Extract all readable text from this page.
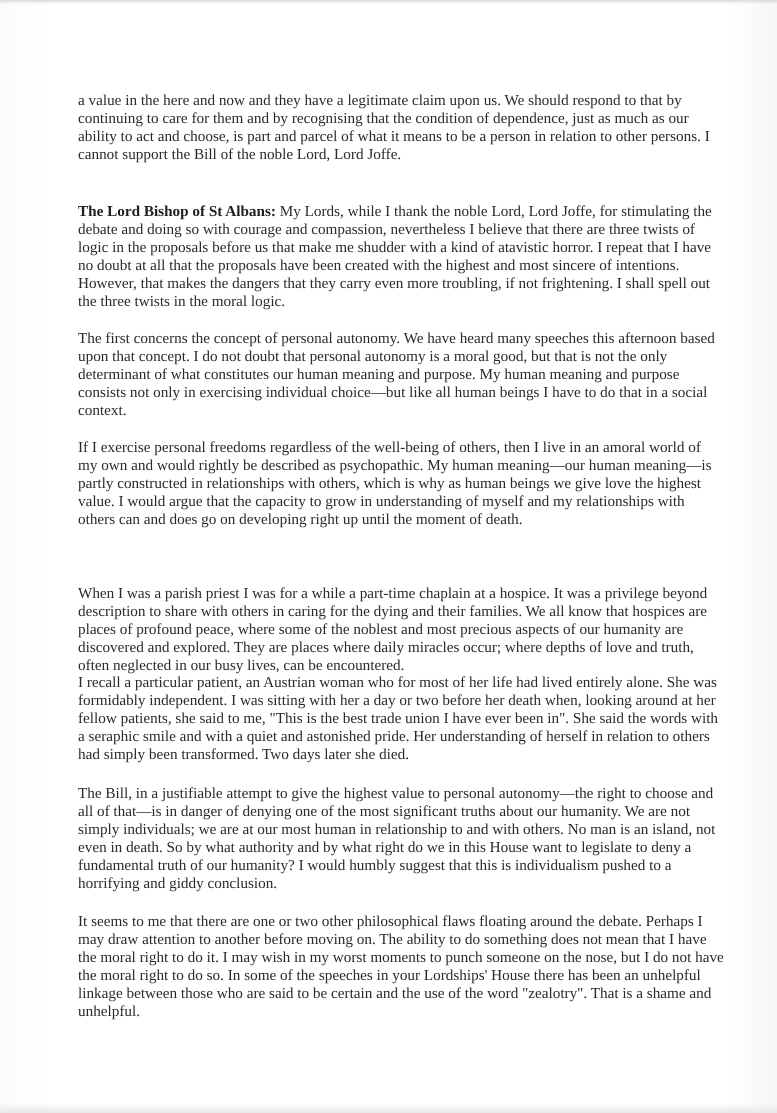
a value in the here and now and they have a legitimate claim upon us. We should respond to that by continuing to care for them and by recognising that the condition of dependence, just as much as our ability to act and choose, is part and parcel of what it means to be a person in relation to other persons. I cannot support the Bill of the noble Lord, Lord Joffe.

The Lord Bishop of St Albans: My Lords, while I thank the noble Lord, Lord Joffe, for stimulating the debate and doing so with courage and compassion, nevertheless I believe that there are three twists of logic in the proposals before us that make me shudder with a kind of atavistic horror. I repeat that I have no doubt at all that the proposals have been created with the highest and most sincere of intentions. However, that makes the dangers that they carry even more troubling, if not frightening. I shall spell out the three twists in the moral logic.

The first concerns the concept of personal autonomy. We have heard many speeches this afternoon based upon that concept. I do not doubt that personal autonomy is a moral good, but that is not the only determinant of what constitutes our human meaning and purpose. My human meaning and purpose consists not only in exercising individual choice—but like all human beings I have to do that in a social context.

If I exercise personal freedoms regardless of the well-being of others, then I live in an amoral world of my own and would rightly be described as psychopathic. My human meaning—our human meaning—is partly constructed in relationships with others, which is why as human beings we give love the highest value. I would argue that the capacity to grow in understanding of myself and my relationships with others can and does go on developing right up until the moment of death.

When I was a parish priest I was for a while a part-time chaplain at a hospice. It was a privilege beyond description to share with others in caring for the dying and their families. We all know that hospices are places of profound peace, where some of the noblest and most precious aspects of our humanity are discovered and explored. They are places where daily miracles occur; where depths of love and truth, often neglected in our busy lives, can be encountered.
I recall a particular patient, an Austrian woman who for most of her life had lived entirely alone. She was formidably independent. I was sitting with her a day or two before her death when, looking around at her fellow patients, she said to me, "This is the best trade union I have ever been in". She said the words with a seraphic smile and with a quiet and astonished pride. Her understanding of herself in relation to others had simply been transformed. Two days later she died.

The Bill, in a justifiable attempt to give the highest value to personal autonomy—the right to choose and all of that—is in danger of denying one of the most significant truths about our humanity. We are not simply individuals; we are at our most human in relationship to and with others. No man is an island, not even in death. So by what authority and by what right do we in this House want to legislate to deny a fundamental truth of our humanity? I would humbly suggest that this is individualism pushed to a horrifying and giddy conclusion.

It seems to me that there are one or two other philosophical flaws floating around the debate. Perhaps I may draw attention to another before moving on. The ability to do something does not mean that I have the moral right to do it. I may wish in my worst moments to punch someone on the nose, but I do not have the moral right to do so. In some of the speeches in your Lordships' House there has been an unhelpful linkage between those who are said to be certain and the use of the word "zealotry". That is a shame and unhelpful.
